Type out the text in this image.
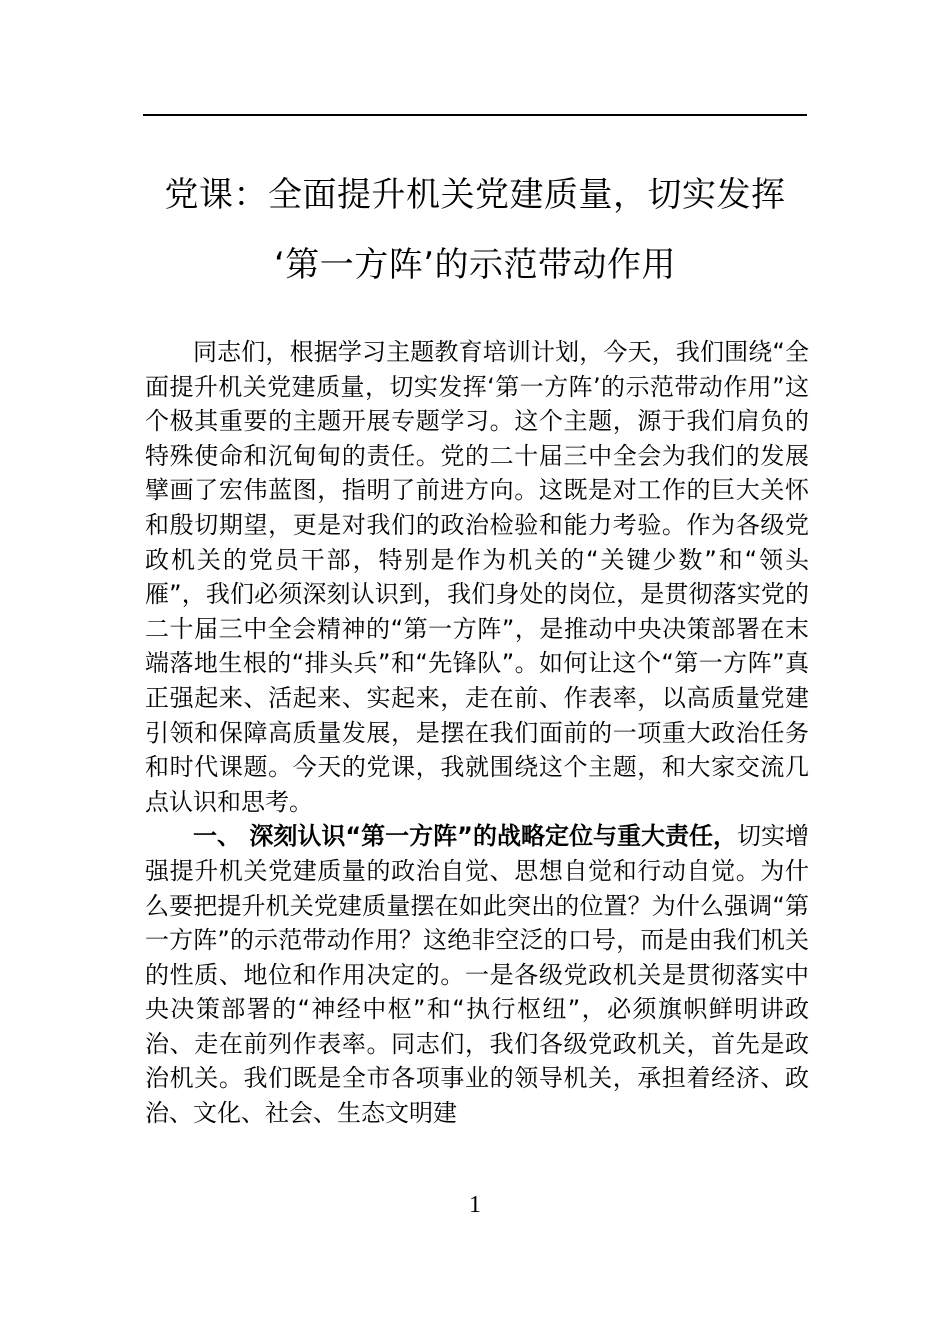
党课：全面提升机关党建质量，切实发挥
‘第一方阵’的示范带动作用

同志们，根据学习主题教育培训计划，今天，我们围绕“全面提升机关党建质量，切实发挥‘第一方阵’的示范带动作用”这个极其重要的主题开展专题学习。这个主题，源于我们肩负的特殊使命和沉甸甸的责任。党的二十届三中全会为我们的发展擘画了宏伟蓝图，指明了前进方向。这既是对工作的巨大关怀和殷切期望，更是对我们的政治检验和能力考验。作为各级党政机关的党员干部，特别是作为机关的“关键少数”和“领头雁”，我们必须深刻认识到，我们身处的岗位，是贯彻落实党的二十届三中全会精神的“第一方阵”，是推动中央决策部署在末端落地生根的“排头兵”和“先锋队”。如何让这个“第一方阵”真正强起来、活起来、实起来，走在前、作表率，以高质量党建引领和保障高质量发展，是摆在我们面前的一项重大政治任务和时代课题。今天的党课，我就围绕这个主题，和大家交流几点认识和思考。

一、 深刻认识“第一方阵”的战略定位与重大责任，切实增强提升机关党建质量的政治自觉、思想自觉和行动自觉。为什么要把提升机关党建质量摆在如此突出的位置？为什么强调“第一方阵”的示范带动作用？这绝非空泛的口号，而是由我们机关的性质、地位和作用决定的。一是各级党政机关是贯彻落实中央决策部署的“神经中枢”和“执行枢纽”，必须旗帜鲜明讲政治、走在前列作表率。同志们，我们各级党政机关，首先是政治机关。我们既是全市各项事业的领导机关，承担着经济、政治、文化、社会、生态文明建

1
